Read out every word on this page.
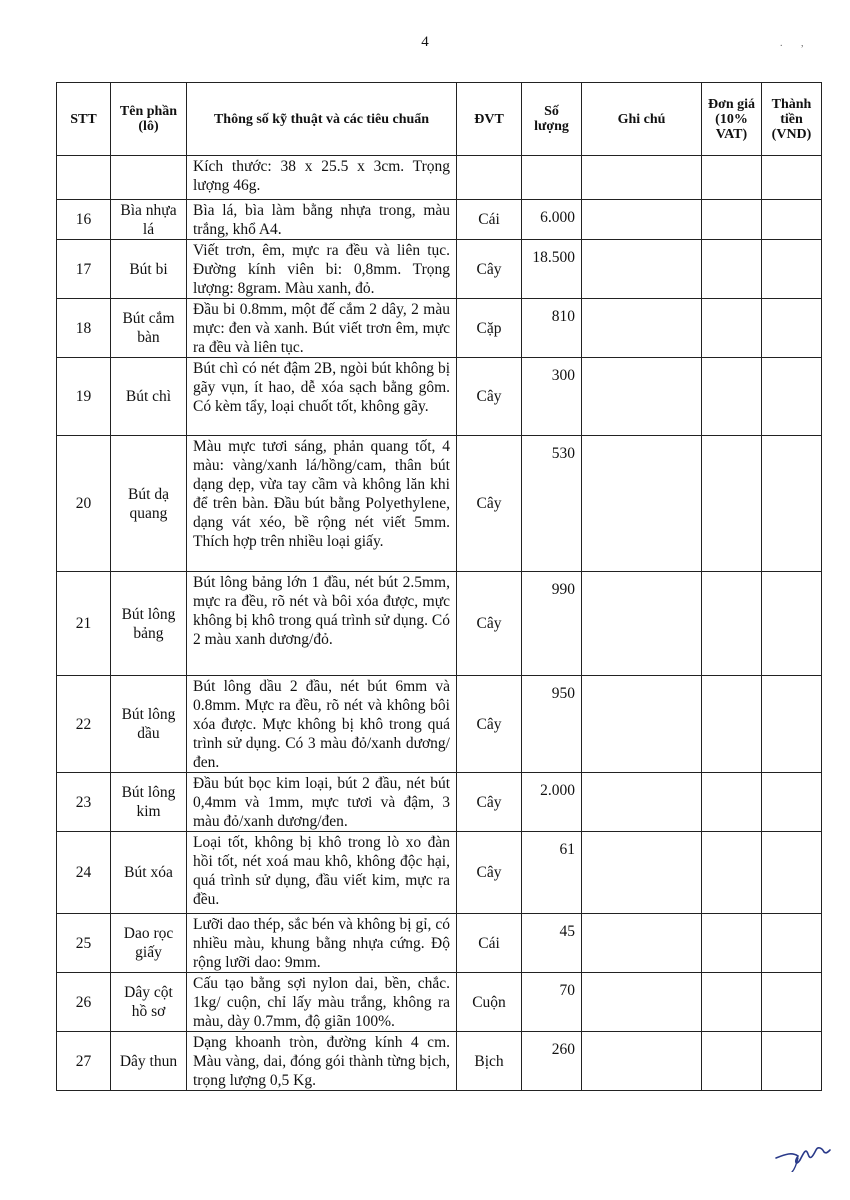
4	. ,
STT	Tên phần (lô)	Thông số kỹ thuật và các tiêu chuẩn	ĐVT	Số lượng	Ghi chú	Đơn giá (10% VAT)	Thành tiền (VND)
		Kích thước: 38 x 25.5 x 3cm. Trọng lượng 46g.					
16	Bìa nhựa lá	Bìa lá, bìa làm bằng nhựa trong, màu trắng, khổ A4.	Cái	6.000			
17	Bút bi	Viết trơn, êm, mực ra đều và liên tục. Đường kính viên bi: 0,8mm. Trọng lượng: 8gram. Màu xanh, đỏ.	Cây	18.500			
18	Bút cắm bàn	Đầu bi 0.8mm, một đế cắm 2 dây, 2 màu mực: đen và xanh. Bút viết trơn êm, mực ra đều và liên tục.	Cặp	810			
19	Bút chì	Bút chì có nét đậm 2B, ngòi bút không bị gãy vụn, ít hao, dễ xóa sạch bằng gôm. Có kèm tẩy, loại chuốt tốt, không gãy.	Cây	300			
20	Bút dạ quang	Màu mực tươi sáng, phản quang tốt, 4 màu: vàng/xanh lá/hồng/cam, thân bút dạng dẹp, vừa tay cầm và không lăn khi để trên bàn. Đầu bút bằng Polyethylene, dạng vát xéo, bề rộng nét viết 5mm. Thích hợp trên nhiều loại giấy.	Cây	530			
21	Bút lông bảng	Bút lông bảng lớn 1 đầu, nét bút 2.5mm, mực ra đều, rõ nét và bôi xóa được, mực không bị khô trong quá trình sử dụng. Có 2 màu xanh dương/đỏ.	Cây	990			
22	Bút lông dầu	Bút lông dầu 2 đầu, nét bút 6mm và 0.8mm. Mực ra đều, rõ nét và không bôi xóa được. Mực không bị khô trong quá trình sử dụng. Có 3 màu đỏ/xanh dương/đen.	Cây	950			
23	Bút lông kim	Đầu bút bọc kim loại, bút 2 đầu, nét bút 0,4mm và 1mm, mực tươi và đậm, 3 màu đỏ/xanh dương/đen.	Cây	2.000			
24	Bút xóa	Loại tốt, không bị khô trong lò xo đàn hồi tốt, nét xoá mau khô, không độc hại, quá trình sử dụng, đầu viết kim, mực ra đều.	Cây	61			
25	Dao rọc giấy	Lưỡi dao thép, sắc bén và không bị gỉ, có nhiều màu, khung bằng nhựa cứng. Độ rộng lưỡi dao: 9mm.	Cái	45			
26	Dây cột hồ sơ	Cấu tạo bằng sợi nylon dai, bền, chắc. 1kg/ cuộn, chỉ lấy màu trắng, không ra màu, dày 0.7mm, độ giãn 100%.	Cuộn	70			
27	Dây thun	Dạng khoanh tròn, đường kính 4 cm. Màu vàng, dai, đóng gói thành từng bịch, trọng lượng 0,5 Kg.	Bịch	260			
